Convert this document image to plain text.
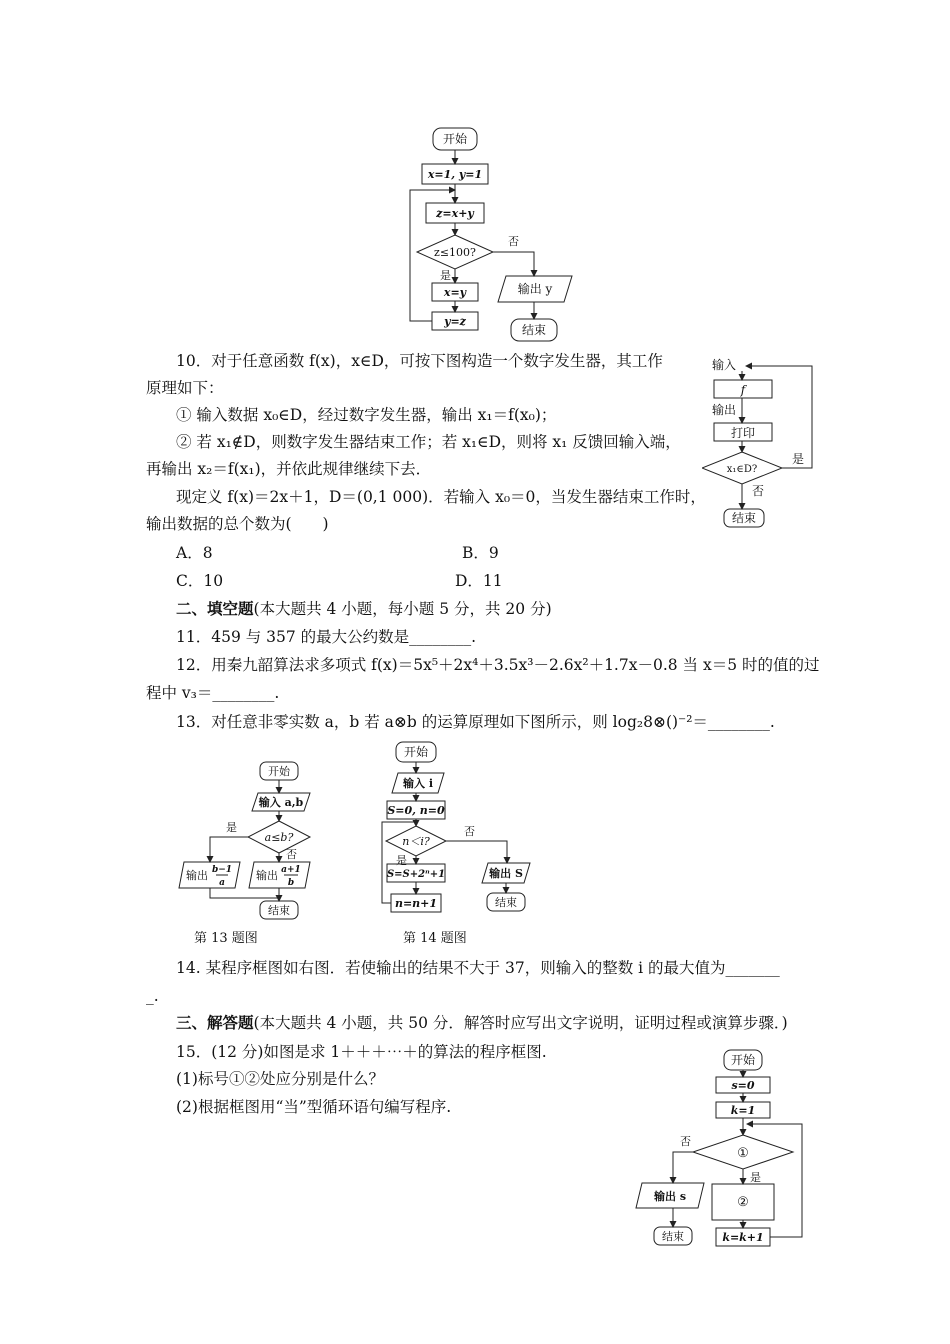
开始
x=1, y=1
z=x+y
z≤100?
否
是
x=y
y=z
输出 y
结束
10．对于任意函数 f(x)，x∈D，可按下图构造一个数字发生器，其工作
原理如下：
① 输入数据 x₀∈D，经过数字发生器，输出 x₁＝f(x₀)；
② 若 x₁∉D，则数字发生器结束工作；若 x₁∈D，则将 x₁ 反馈回输入端，
再输出 x₂＝f(x₁)，并依此规律继续下去．
现定义 f(x)＝2x＋1，D＝(0,1 000)．若输入 x₀＝0，当发生器结束工作时，
输出数据的总个数为(　　)
A．8	B．9
C．10	D．11
输入
f
输出
打印
x₁∈D?
是
否
结束
二、填空题(本大题共 4 小题，每小题 5 分，共 20 分)
11．459 与 357 的最大公约数是________.
12．用秦九韶算法求多项式 f(x)＝5x⁵＋2x⁴＋3.5x³－2.6x²＋1.7x－0.8 当 x＝5 时的值的过
程中 v₃＝________.
13．对任意非零实数 a，b 若 a⊗b 的运算原理如下图所示，则 log₂8⊗()⁻²＝________.
开始
输入 a,b
a≤b?
是
否
输出 b−1
a
输出 a+1
b
结束
第 13 题图
开始
输入 i
S=0, n=0
n＜i?
否
是
S=S+2ⁿ+1
n=n+1
输出 S
结束
第 14 题图
14. 某程序框图如右图．若使输出的结果不大于 37，则输入的整数 i 的最大值为_______
_.
三、解答题(本大题共 4 小题，共 50 分．解答时应写出文字说明，证明过程或演算步骤．)
15．(12 分)如图是求 1＋＋＋⋯＋的算法的程序框图.
(1)标号①②处应分别是什么？
(2)根据框图用“当”型循环语句编写程序.
开始
s=0
k=1
①
否
是
②
输出 s
k=k+1
结束
